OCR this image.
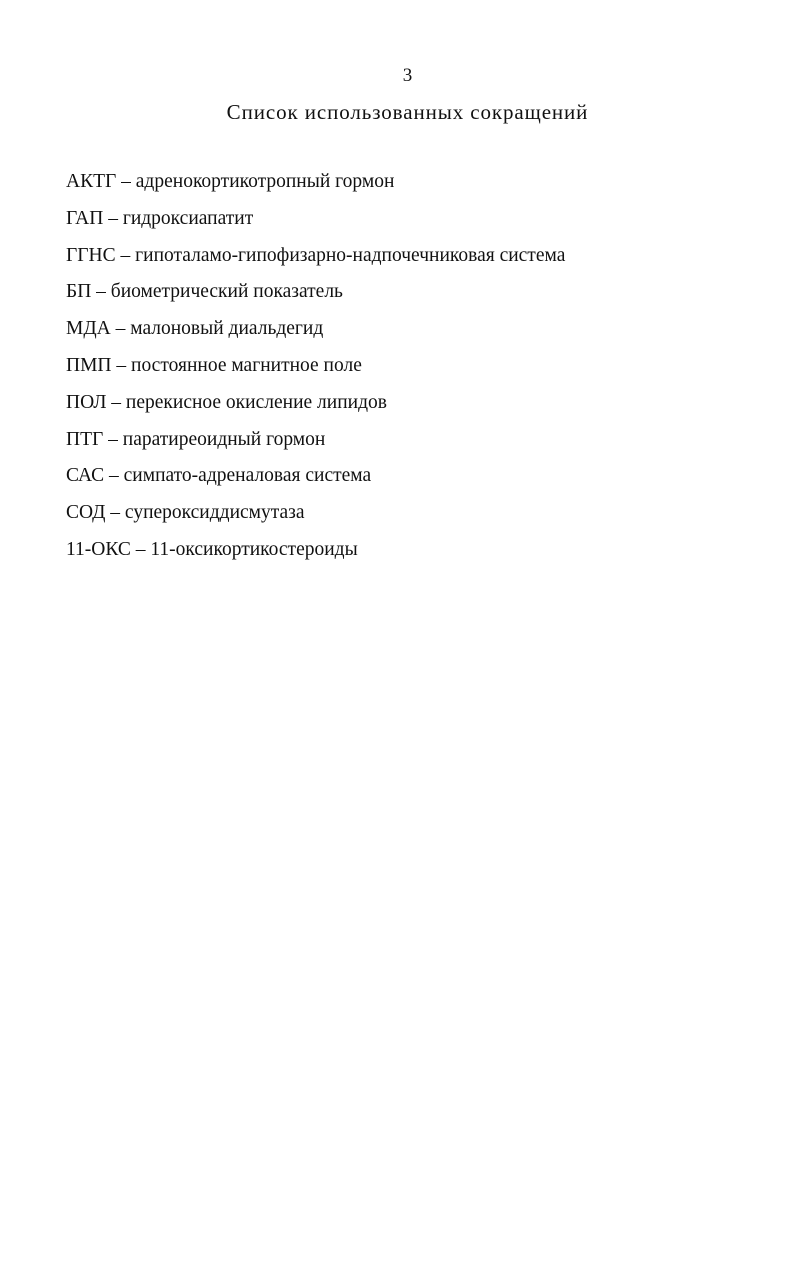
3
Список использованных сокращений
АКТГ – адренокортикотропный гормон
ГАП – гидроксиапатит
ГГНС – гипоталамо-гипофизарно-надпочечниковая система
БП – биометрический показатель
МДА – малоновый диальдегид
ПМП – постоянное магнитное поле
ПОЛ – перекисное окисление липидов
ПТГ – паратиреоидный гормон
САС – симпато-адреналовая система
СОД – супероксиддисмутаза
11-ОКС – 11-оксикортикостероиды
